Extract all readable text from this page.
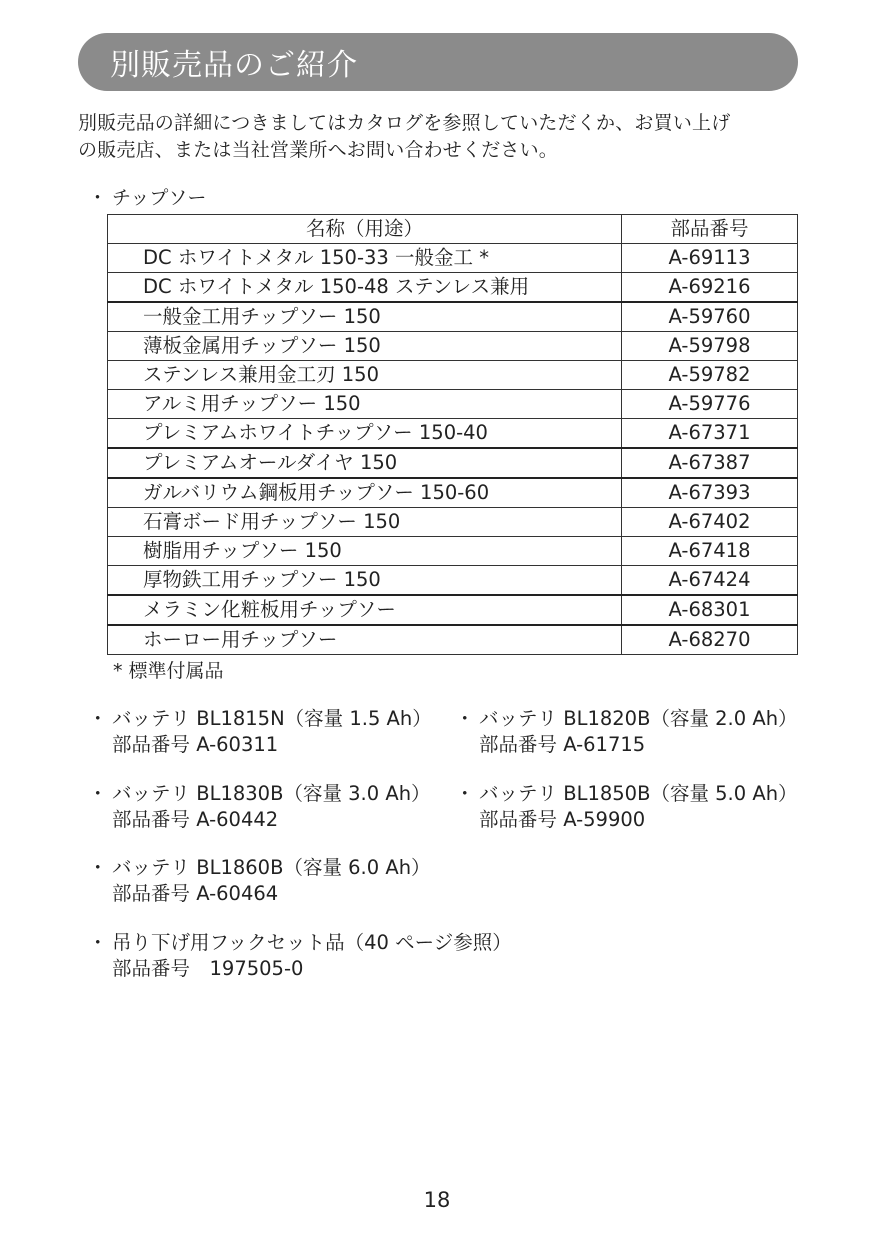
別販売品のご紹介
別販売品の詳細につきましてはカタログを参照していただくか、お買い上げ
の販売店、または当社営業所へお問い合わせください。
・ チップソー
名称（用途）	部品番号
DC ホワイトメタル 150-33 一般金工 *	A-69113
DC ホワイトメタル 150-48 ステンレス兼用	A-69216
一般金工用チップソー 150	A-59760
薄板金属用チップソー 150	A-59798
ステンレス兼用金工刃 150	A-59782
アルミ用チップソー 150	A-59776
プレミアムホワイトチップソー 150-40	A-67371
プレミアムオールダイヤ 150	A-67387
ガルバリウム鋼板用チップソー 150-60	A-67393
石膏ボード用チップソー 150	A-67402
樹脂用チップソー 150	A-67418
厚物鉄工用チップソー 150	A-67424
メラミン化粧板用チップソー	A-68301
ホーロー用チップソー	A-68270
* 標準付属品
・ バッテリ BL1815N（容量 1.5 Ah）
部品番号 A-60311
・ バッテリ BL1820B（容量 2.0 Ah）
部品番号 A-61715
・ バッテリ BL1830B（容量 3.0 Ah）
部品番号 A-60442
・ バッテリ BL1850B（容量 5.0 Ah）
部品番号 A-59900
・ バッテリ BL1860B（容量 6.0 Ah）
部品番号 A-60464
・ 吊り下げ用フックセット品（40 ページ参照）
部品番号　197505-0
18
